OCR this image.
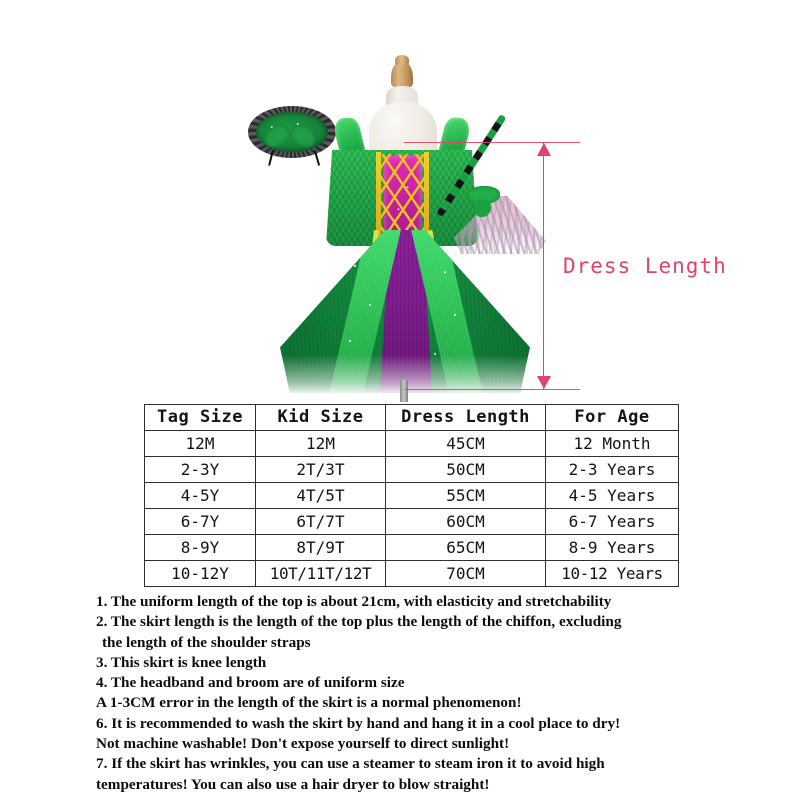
Dress Length
Tag Size	Kid Size	Dress Length	For Age
12M	12M	45CM	12 Month
2-3Y	2T/3T	50CM	2-3 Years
4-5Y	4T/5T	55CM	4-5 Years
6-7Y	6T/7T	60CM	6-7 Years
8-9Y	8T/9T	65CM	8-9 Years
10-12Y	10T/11T/12T	70CM	10-12 Years
1. The uniform length of the top is about 21cm, with elasticity and stretchability
2. The skirt length is the length of the top plus the length of the chiffon, excluding
the length of the shoulder straps
3. This skirt is knee length
4. The headband and broom are of uniform size
A 1-3CM error in the length of the skirt is a normal phenomenon!
6. It is recommended to wash the skirt by hand and hang it in a cool place to dry!
Not machine washable! Don't expose yourself to direct sunlight!
7. If the skirt has wrinkles, you can use a steamer to steam iron it to avoid high
temperatures! You can also use a hair dryer to blow straight!
